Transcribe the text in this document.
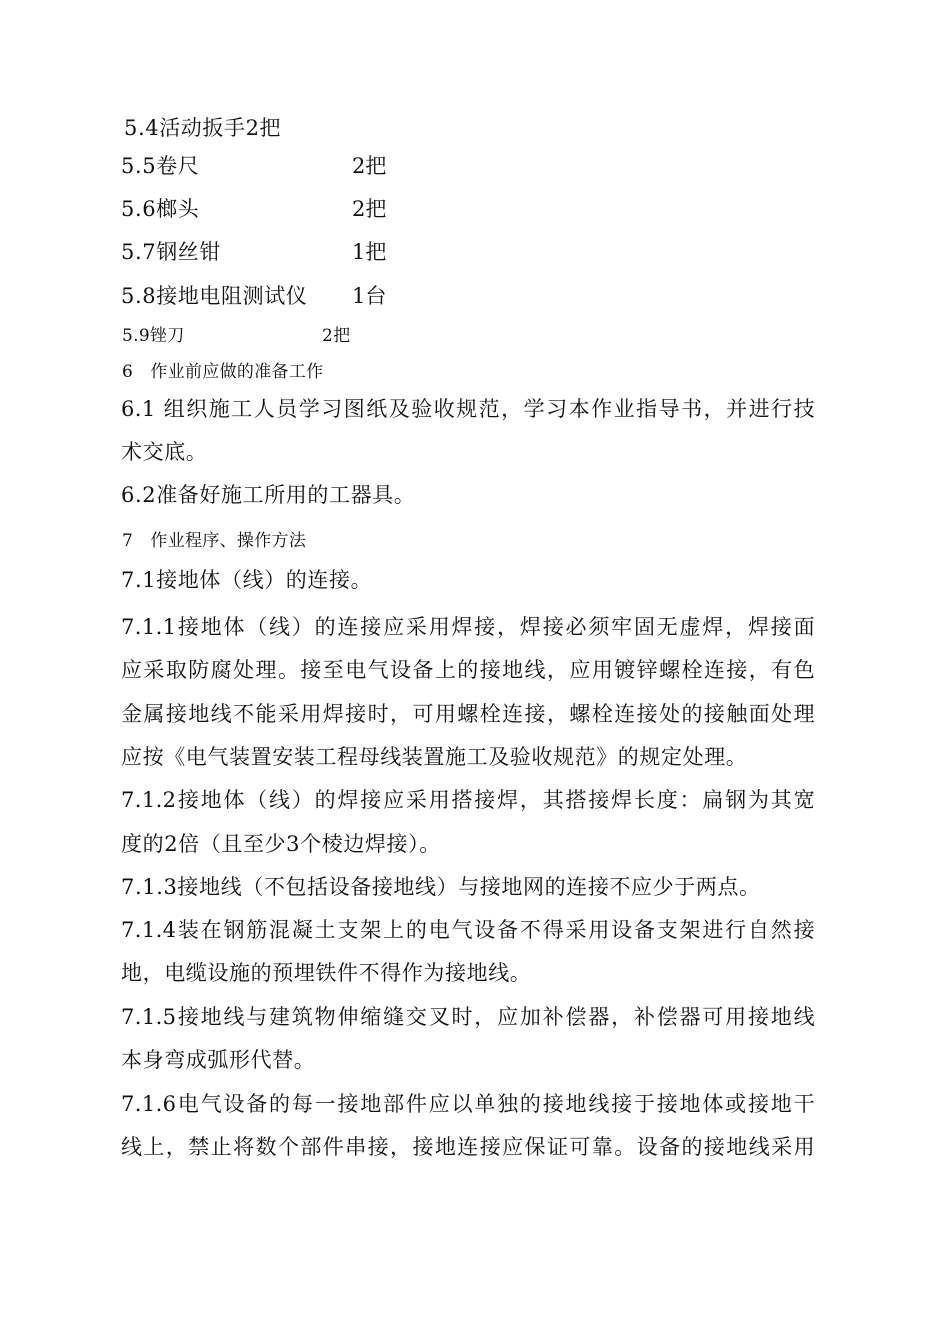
5.4活动扳手2把
5.5卷尺	2把
5.6榔头	2把
5.7钢丝钳	1把
5.8接地电阻测试仪 1台
5.9锉刀	2把
6　作业前应做的准备工作
6.1 组织施工人员学习图纸及验收规范，学习本作业指导书，并进行技
术交底。
6.2准备好施工所用的工器具。
7　作业程序、操作方法
7.1接地体（线）的连接。
7.1.1接地体（线）的连接应采用焊接，焊接必须牢固无虚焊，焊接面
应采取防腐处理。接至电气设备上的接地线，应用镀锌螺栓连接，有色
金属接地线不能采用焊接时，可用螺栓连接，螺栓连接处的接触面处理
应按《电气装置安装工程母线装置施工及验收规范》的规定处理。
7.1.2接地体（线）的焊接应采用搭接焊，其搭接焊长度：扁钢为其宽
度的2倍（且至少3个棱边焊接）。
7.1.3接地线（不包括设备接地线）与接地网的连接不应少于两点。
7.1.4装在钢筋混凝土支架上的电气设备不得采用设备支架进行自然接
地，电缆设施的预埋铁件不得作为接地线。
7.1.5接地线与建筑物伸缩缝交叉时，应加补偿器，补偿器可用接地线
本身弯成弧形代替。
7.1.6电气设备的每一接地部件应以单独的接地线接于接地体或接地干
线上，禁止将数个部件串接，接地连接应保证可靠。设备的接地线采用
